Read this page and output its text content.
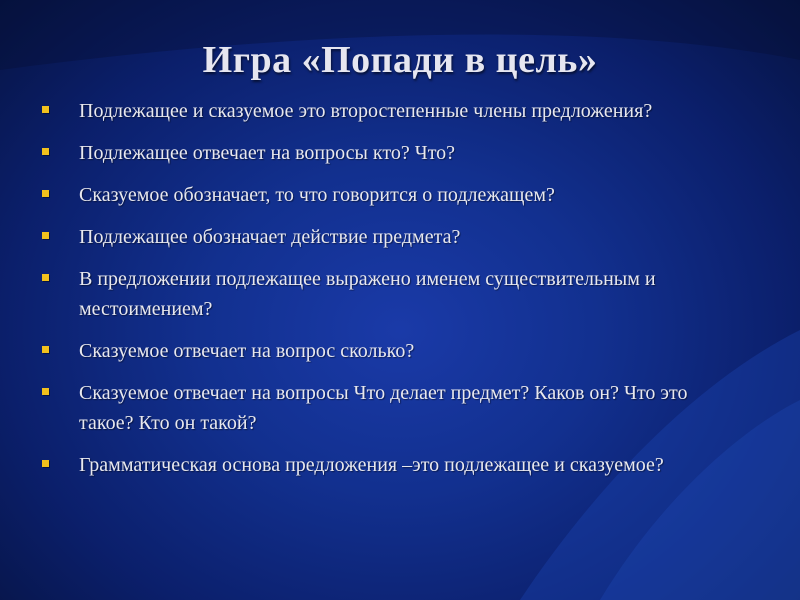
Игра «Попади в цель»
Подлежащее и сказуемое это второстепенные члены предложения?
Подлежащее отвечает на вопросы кто? Что?
Сказуемое обозначает, то что говорится о подлежащем?
Подлежащее обозначает действие предмета?
В предложении подлежащее выражено именем существительным и местоимением?
Сказуемое отвечает на вопрос сколько?
Сказуемое отвечает на вопросы Что делает предмет? Каков он? Что это такое? Кто он такой?
Грамматическая основа предложения –это подлежащее и сказуемое?
